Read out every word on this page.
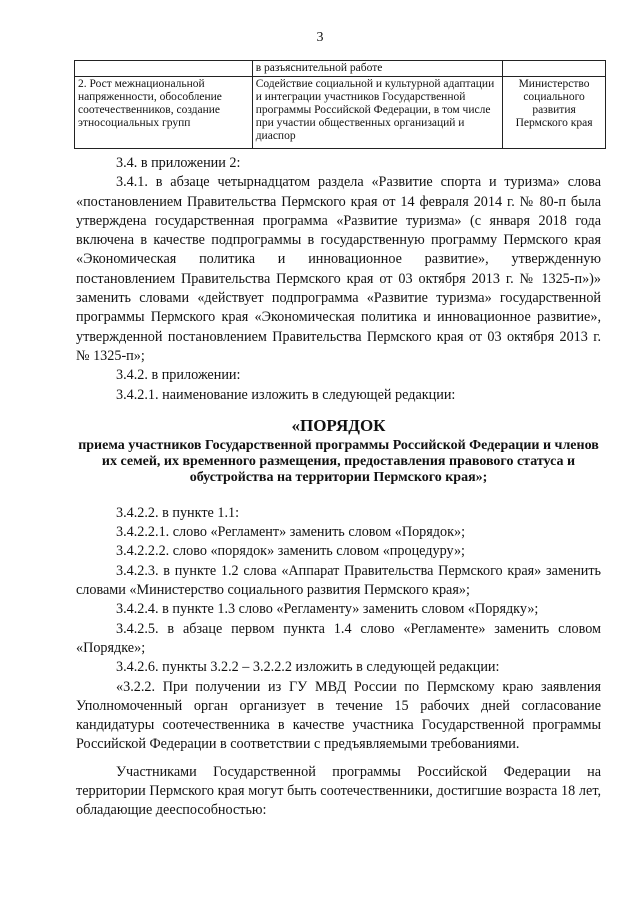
3
	в разъяснительной работе	
2. Рост межнациональной напряженности, обособление соотечественников, создание этносоциальных групп	Содействие социальной и культурной адаптации и интеграции участников Государственной программы Российской Федерации, в том числе при участии общественных организаций и диаспор	Министерство социального развития Пермского края

3.4. в приложении 2:

3.4.1. в абзаце четырнадцатом раздела «Развитие спорта и туризма» слова «постановлением Правительства Пермского края от 14 февраля 2014 г. № 80-п была утверждена государственная программа «Развитие туризма» (с января 2018 года включена в качестве подпрограммы в государственную программу Пермского края «Экономическая политика и инновационное развитие», утвержденную постановлением Правительства Пермского края от 03 октября 2013 г. № 1325-п»)» заменить словами «действует подпрограмма «Развитие туризма» государственной программы Пермского края «Экономическая политика и инновационное развитие», утвержденной постановлением Правительства Пермского края от 03 октября 2013 г. № 1325-п»;

3.4.2. в приложении:

3.4.2.1. наименование изложить в следующей редакции:

«ПОРЯДОК
приема участников Государственной программы Российской Федерации и членов их семей, их временного размещения, предоставления правового статуса и обустройства на территории Пермского края»;

3.4.2.2. в пункте 1.1:

3.4.2.2.1. слово «Регламент» заменить словом «Порядок»;

3.4.2.2.2. слово «порядок» заменить словом «процедуру»;

3.4.2.3. в пункте 1.2 слова «Аппарат Правительства Пермского края» заменить словами «Министерство социального развития Пермского края»;

3.4.2.4. в пункте 1.3 слово «Регламенту» заменить словом «Порядку»;

3.4.2.5. в абзаце первом пункта 1.4 слово «Регламенте» заменить словом «Порядке»;

3.4.2.6. пункты 3.2.2 – 3.2.2.2 изложить в следующей редакции:

«3.2.2. При получении из ГУ МВД России по Пермскому краю заявления Уполномоченный орган организует в течение 15 рабочих дней согласование кандидатуры соотечественника в качестве участника Государственной программы Российской Федерации в соответствии с предъявляемыми требованиями.

Участниками Государственной программы Российской Федерации на территории Пермского края могут быть соотечественники, достигшие возраста 18 лет, обладающие дееспособностью:
